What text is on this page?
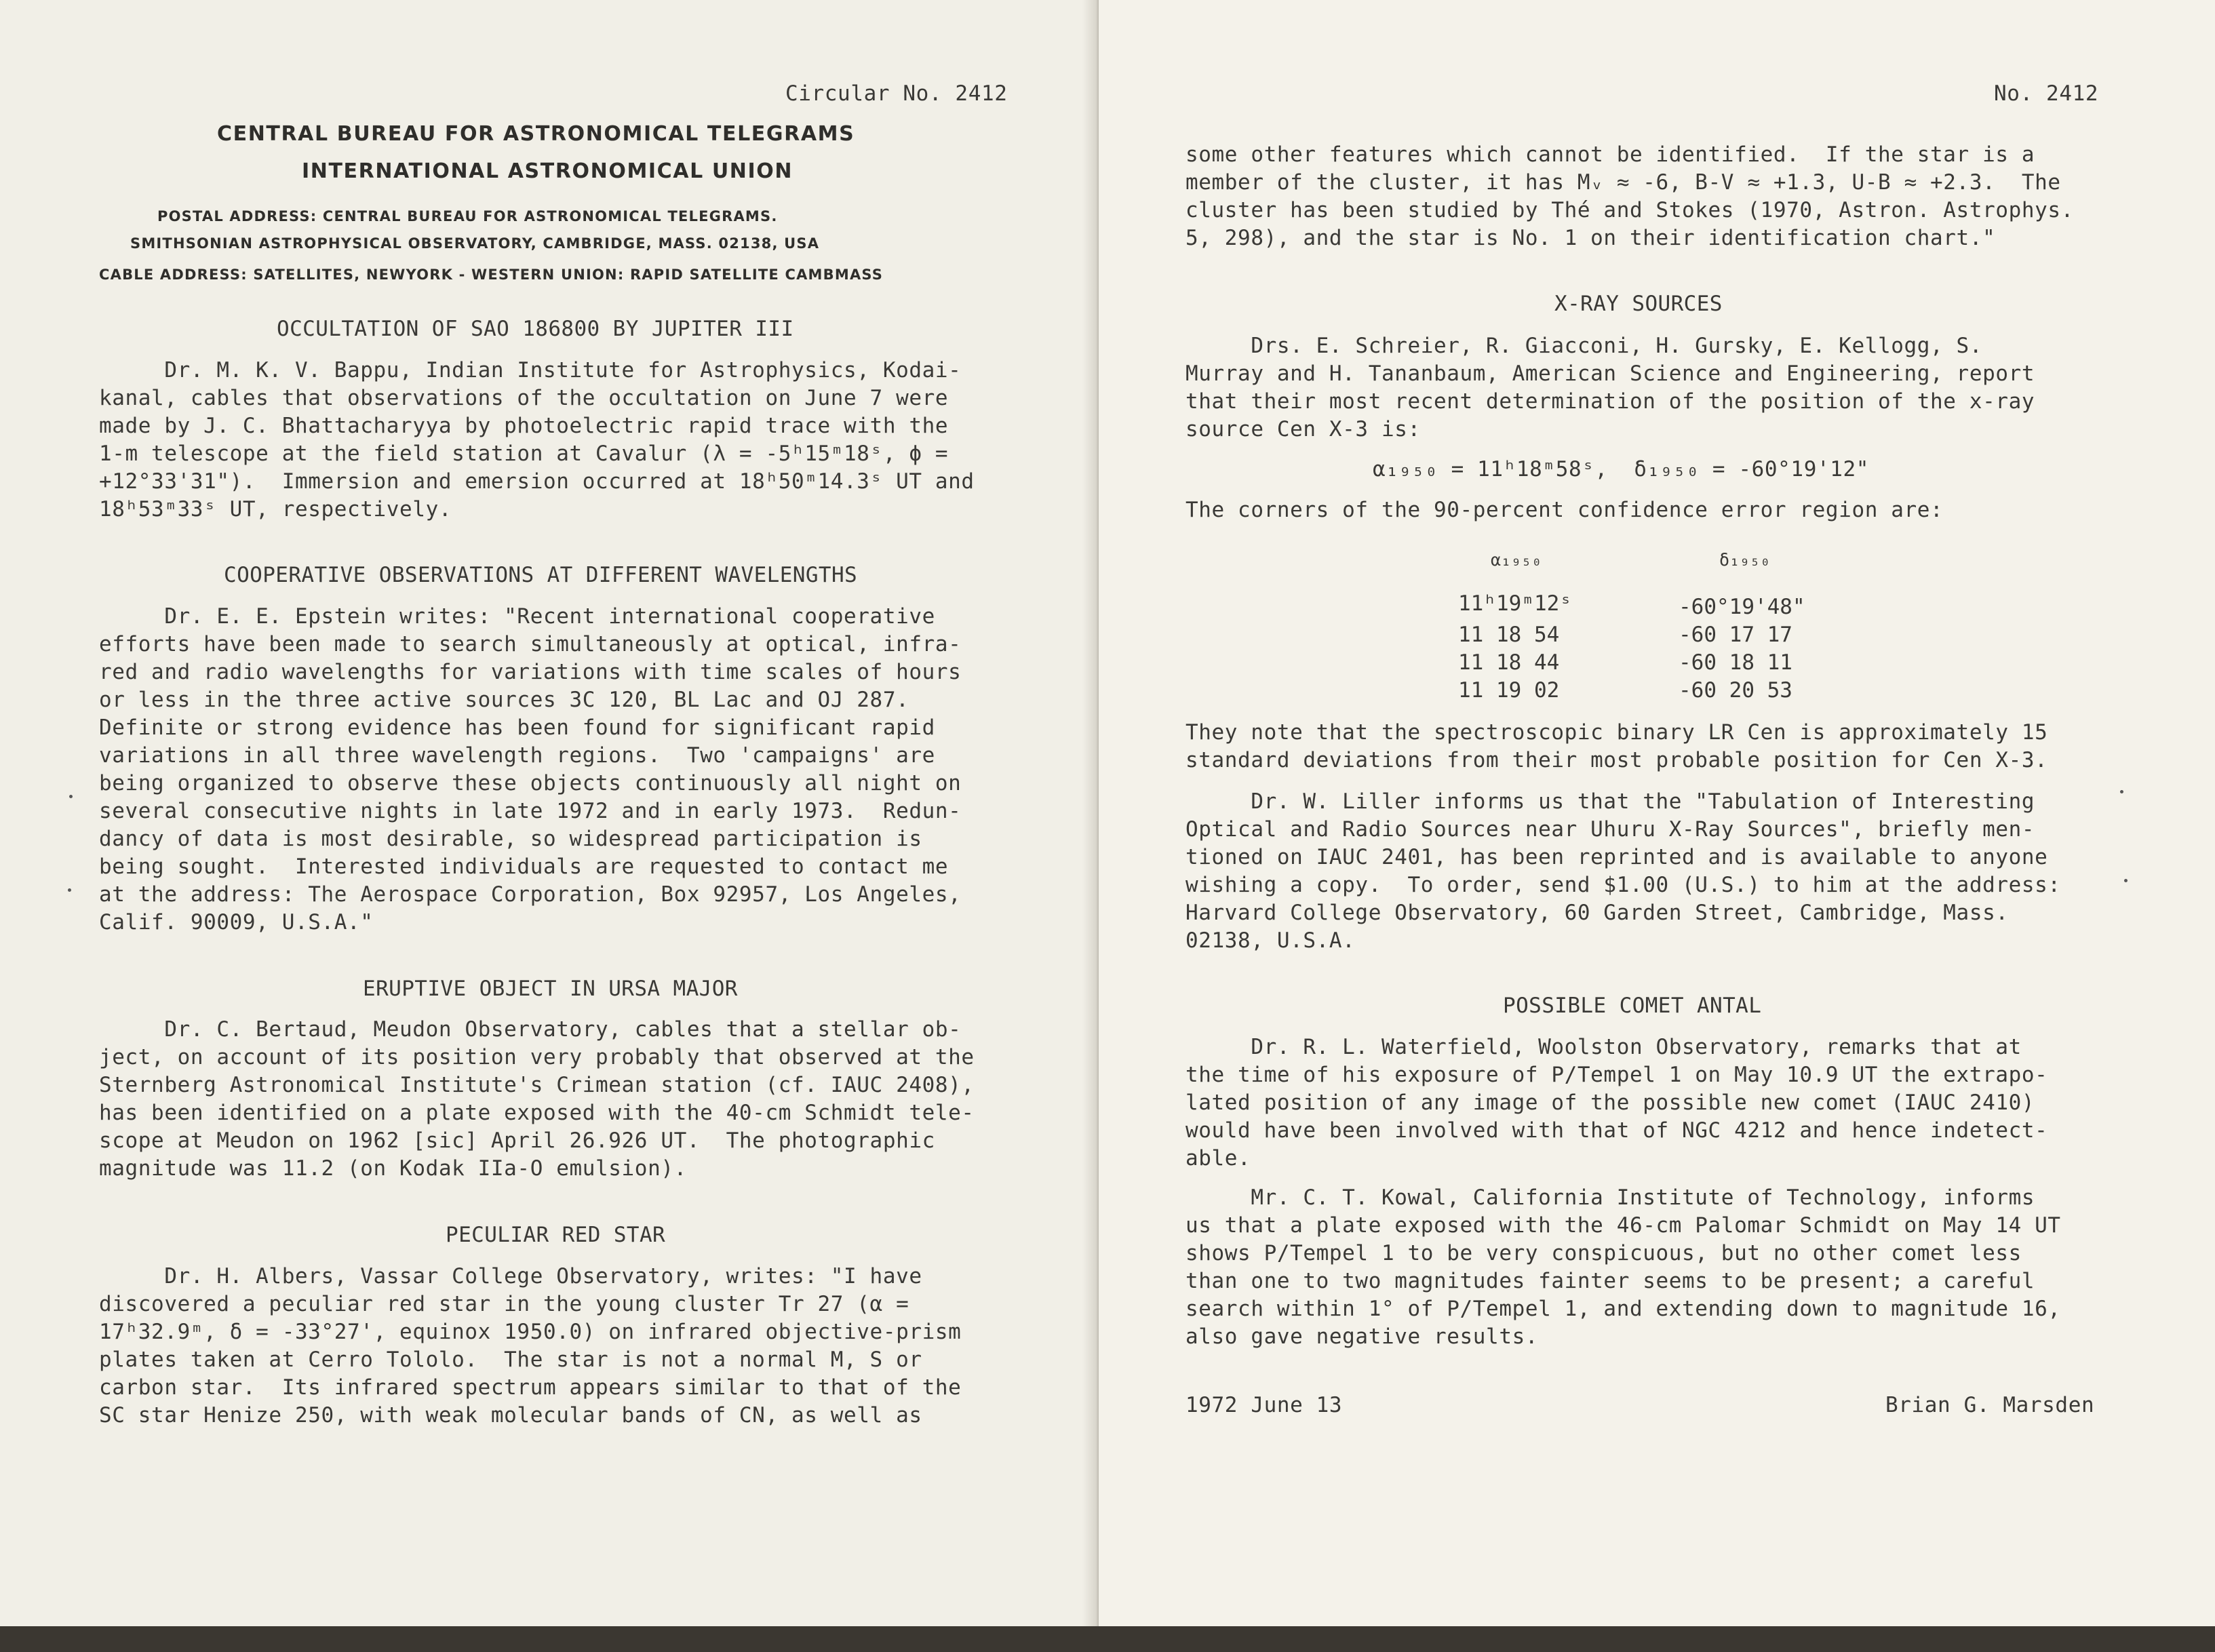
Circular No. 2412
CENTRAL BUREAU FOR ASTRONOMICAL TELEGRAMS
INTERNATIONAL ASTRONOMICAL UNION
POSTAL ADDRESS: CENTRAL BUREAU FOR ASTRONOMICAL TELEGRAMS.
SMITHSONIAN ASTROPHYSICAL OBSERVATORY, CAMBRIDGE, MASS. 02138, USA
CABLE ADDRESS: SATELLITES, NEWYORK - WESTERN UNION: RAPID SATELLITE CAMBMASS
OCCULTATION OF SAO 186800 BY JUPITER III
Dr. M. K. V. Bappu, Indian Institute for Astrophysics, Kodai-
kanal, cables that observations of the occultation on June 7 were
made by J. C. Bhattacharyya by photoelectric rapid trace with the
1-m telescope at the field station at Cavalur (λ = -5ʰ15ᵐ18ˢ, ϕ =
+12°33'31").  Immersion and emersion occurred at 18ʰ50ᵐ14.3ˢ UT and
18ʰ53ᵐ33ˢ UT, respectively.
COOPERATIVE OBSERVATIONS AT DIFFERENT WAVELENGTHS
Dr. E. E. Epstein writes: "Recent international cooperative
efforts have been made to search simultaneously at optical, infra-
red and radio wavelengths for variations with time scales of hours
or less in the three active sources 3C 120, BL Lac and OJ 287.
Definite or strong evidence has been found for significant rapid
variations in all three wavelength regions.  Two 'campaigns' are
being organized to observe these objects continuously all night on
several consecutive nights in late 1972 and in early 1973.  Redun-
dancy of data is most desirable, so widespread participation is
being sought.  Interested individuals are requested to contact me
at the address: The Aerospace Corporation, Box 92957, Los Angeles,
Calif. 90009, U.S.A."
ERUPTIVE OBJECT IN URSA MAJOR
Dr. C. Bertaud, Meudon Observatory, cables that a stellar ob-
ject, on account of its position very probably that observed at the
Sternberg Astronomical Institute's Crimean station (cf. IAUC 2408),
has been identified on a plate exposed with the 40-cm Schmidt tele-
scope at Meudon on 1962 [sic] April 26.926 UT.  The photographic
magnitude was 11.2 (on Kodak IIa-O emulsion).
PECULIAR RED STAR
Dr. H. Albers, Vassar College Observatory, writes: "I have
discovered a peculiar red star in the young cluster Tr 27 (α =
17ʰ32.9ᵐ, δ = -33°27', equinox 1950.0) on infrared objective-prism
plates taken at Cerro Tololo.  The star is not a normal M, S or
carbon star.  Its infrared spectrum appears similar to that of the
SC star Henize 250, with weak molecular bands of CN, as well as
No. 2412
some other features which cannot be identified.  If the star is a
member of the cluster, it has Mᵥ ≈ -6, B-V ≈ +1.3, U-B ≈ +2.3.  The
cluster has been studied by Thé and Stokes (1970, Astron. Astrophys.
5, 298), and the star is No. 1 on their identification chart."
X-RAY SOURCES
Drs. E. Schreier, R. Giacconi, H. Gursky, E. Kellogg, S.
Murray and H. Tananbaum, American Science and Engineering, report
that their most recent determination of the position of the x-ray
source Cen X-3 is:
α₁₉₅₀ = 11ʰ18ᵐ58ˢ,  δ₁₉₅₀ = -60°19'12"
The corners of the 90-percent confidence error region are:
α₁₉₅₀	δ₁₉₅₀
11ʰ19ᵐ12ˢ	-60°19'48"
11 18 54	-60 17 17
11 18 44	-60 18 11
11 19 02	-60 20 53
They note that the spectroscopic binary LR Cen is approximately 15
standard deviations from their most probable position for Cen X-3.
Dr. W. Liller informs us that the "Tabulation of Interesting
Optical and Radio Sources near Uhuru X-Ray Sources", briefly men-
tioned on IAUC 2401, has been reprinted and is available to anyone
wishing a copy.  To order, send $1.00 (U.S.) to him at the address:
Harvard College Observatory, 60 Garden Street, Cambridge, Mass.
02138, U.S.A.
POSSIBLE COMET ANTAL
Dr. R. L. Waterfield, Woolston Observatory, remarks that at
the time of his exposure of P/Tempel 1 on May 10.9 UT the extrapo-
lated position of any image of the possible new comet (IAUC 2410)
would have been involved with that of NGC 4212 and hence indetect-
able.
Mr. C. T. Kowal, California Institute of Technology, informs
us that a plate exposed with the 46-cm Palomar Schmidt on May 14 UT
shows P/Tempel 1 to be very conspicuous, but no other comet less
than one to two magnitudes fainter seems to be present; a careful
search within 1° of P/Tempel 1, and extending down to magnitude 16,
also gave negative results.
1972 June 13	Brian G. Marsden
